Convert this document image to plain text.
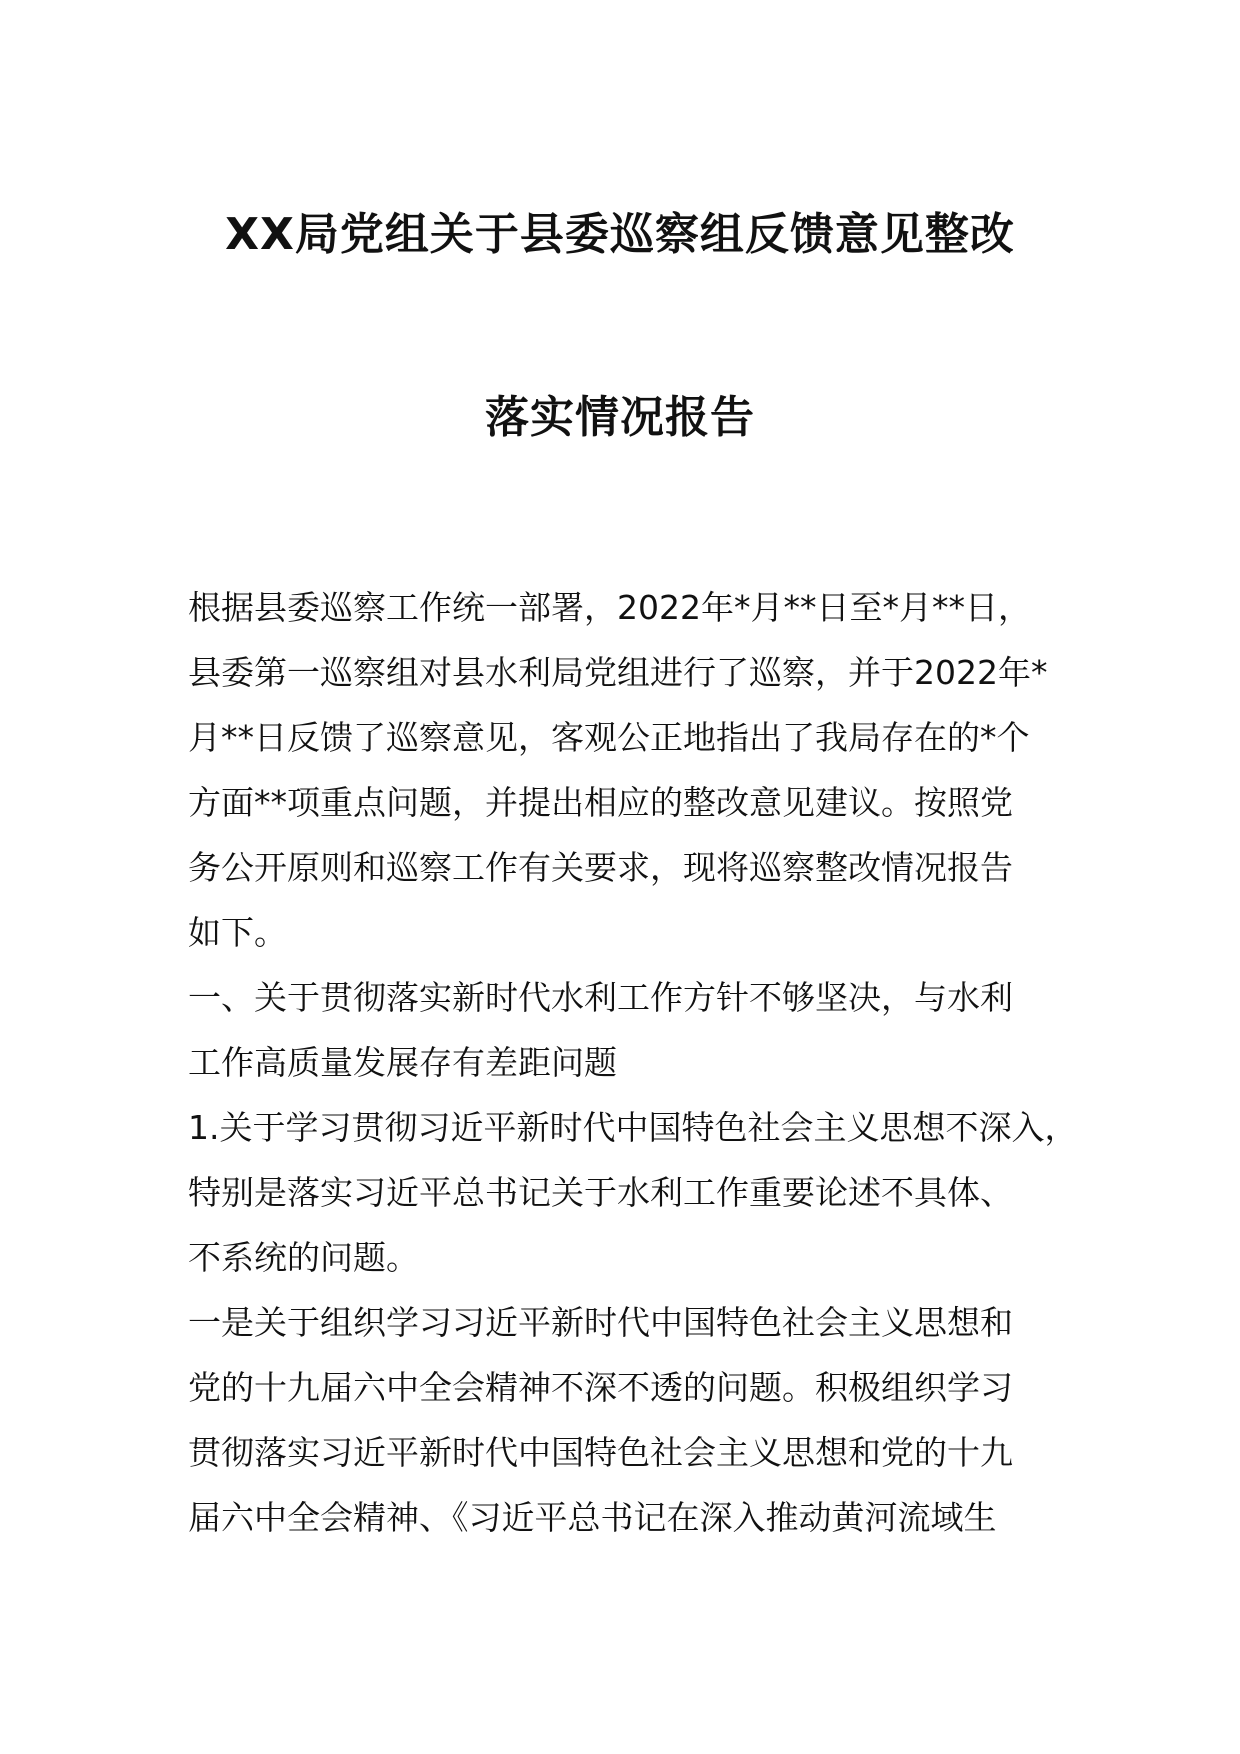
XX局党组关于县委巡察组反馈意见整改
落实情况报告
根据县委巡察工作统一部署，2022年*月**日至*月**日，
县委第一巡察组对县水利局党组进行了巡察，并于2022年*
月**日反馈了巡察意见，客观公正地指出了我局存在的*个
方面**项重点问题，并提出相应的整改意见建议。按照党
务公开原则和巡察工作有关要求，现将巡察整改情况报告
如下。
一、关于贯彻落实新时代水利工作方针不够坚决，与水利
工作高质量发展存有差距问题
1.关于学习贯彻习近平新时代中国特色社会主义思想不深入，
特别是落实习近平总书记关于水利工作重要论述不具体、
不系统的问题。
一是关于组织学习习近平新时代中国特色社会主义思想和
党的十九届六中全会精神不深不透的问题。积极组织学习
贯彻落实习近平新时代中国特色社会主义思想和党的十九
届六中全会精神、《习近平总书记在深入推动黄河流域生
